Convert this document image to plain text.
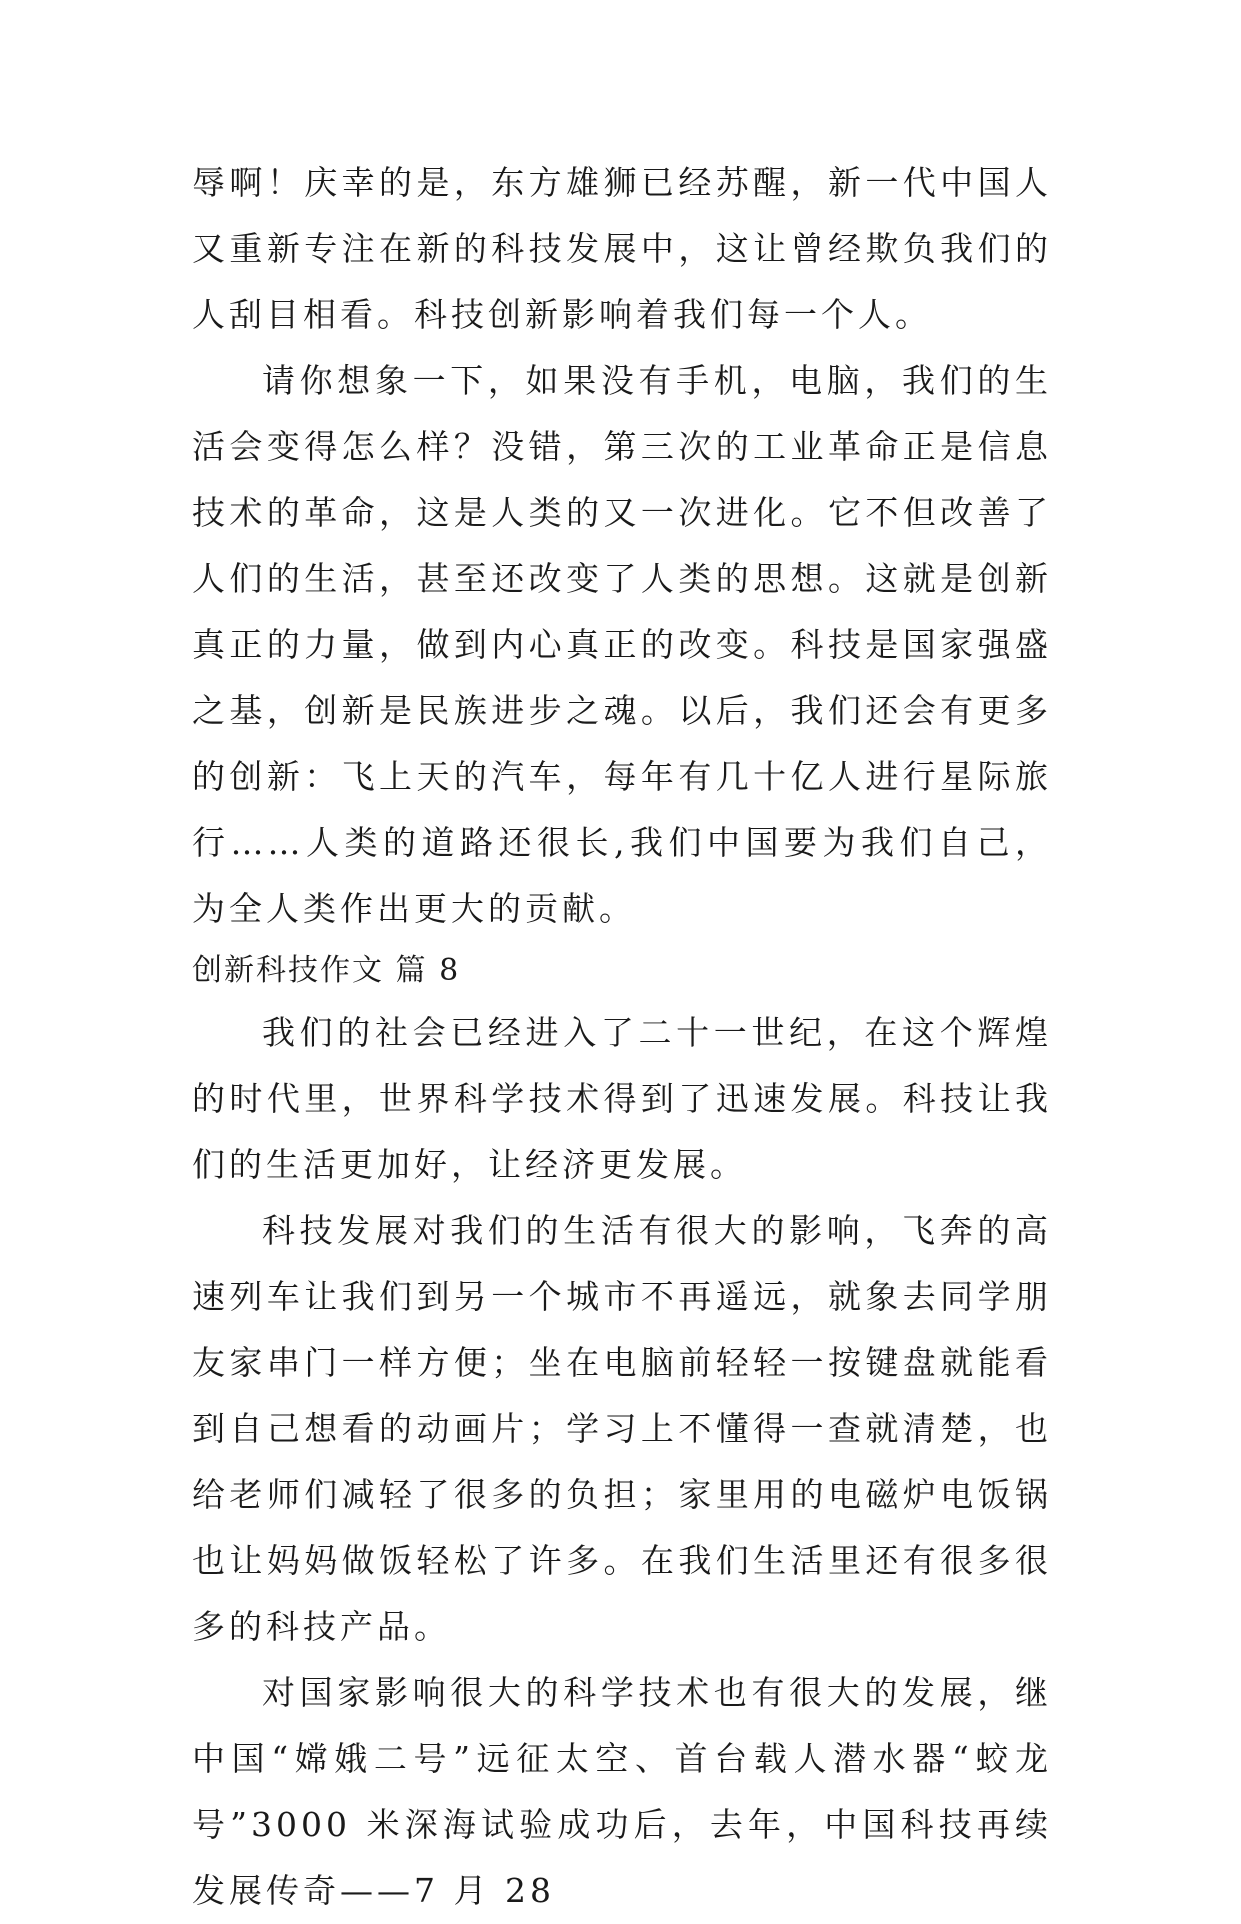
辱啊！庆幸的是，东方雄狮已经苏醒，新一代中国人又重新专注在新的科技发展中，这让曾经欺负我们的人刮目相看。科技创新影响着我们每一个人。

请你想象一下，如果没有手机，电脑，我们的生活会变得怎么样？没错，第三次的工业革命正是信息技术的革命，这是人类的又一次进化。它不但改善了人们的生活，甚至还改变了人类的思想。这就是创新真正的力量，做到内心真正的改变。科技是国家强盛之基，创新是民族进步之魂。以后，我们还会有更多的创新：飞上天的汽车，每年有几十亿人进行星际旅行……人类的道路还很长,我们中国要为我们自己，为全人类作出更大的贡献。

创新科技作文 篇 8

我们的社会已经进入了二十一世纪，在这个辉煌的时代里，世界科学技术得到了迅速发展。科技让我们的生活更加好，让经济更发展。

科技发展对我们的生活有很大的影响，飞奔的高速列车让我们到另一个城市不再遥远，就象去同学朋友家串门一样方便；坐在电脑前轻轻一按键盘就能看到自己想看的动画片；学习上不懂得一查就清楚，也给老师们减轻了很多的负担；家里用的电磁炉电饭锅也让妈妈做饭轻松了许多。在我们生活里还有很多很多的科技产品。

对国家影响很大的科学技术也有很大的发展，继中国“嫦娥二号”远征太空、首台载人潜水器“蛟龙号”3000 米深海试验成功后，去年，中国科技再续发展传奇——7 月 28
